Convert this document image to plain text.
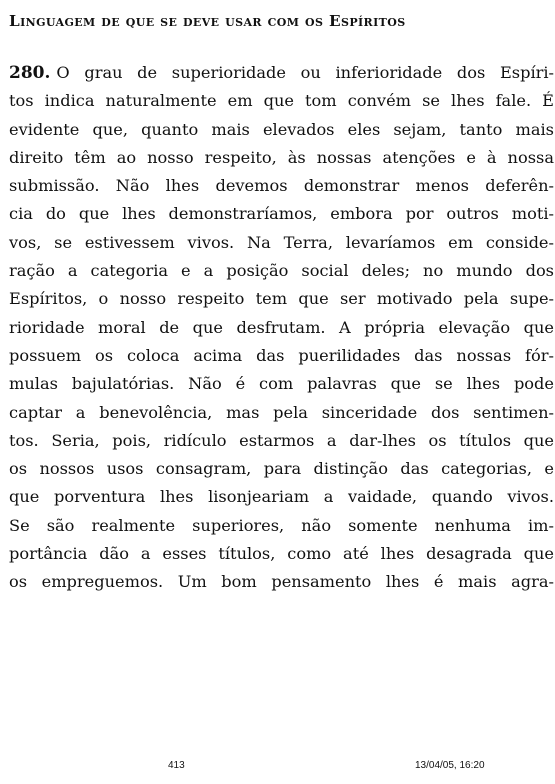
Linguagem de que se deve usar com os Espíritos
280. O grau de superioridade ou inferioridade dos Espíri-
tos indica naturalmente em que tom convém se lhes fale. É
evidente que, quanto mais elevados eles sejam, tanto mais
direito têm ao nosso respeito, às nossas atenções e à nossa
submissão. Não lhes devemos demonstrar menos deferên-
cia do que lhes demonstraríamos, embora por outros moti-
vos, se estivessem vivos. Na Terra, levaríamos em conside-
ração a categoria e a posição social deles; no mundo dos
Espíritos, o nosso respeito tem que ser motivado pela supe-
rioridade moral de que desfrutam. A própria elevação que
possuem os coloca acima das puerilidades das nossas fór-
mulas bajulatórias. Não é com palavras que se lhes pode
captar a benevolência, mas pela sinceridade dos sentimen-
tos. Seria, pois, ridículo estarmos a dar-lhes os títulos que
os nossos usos consagram, para distinção das categorias, e
que porventura lhes lisonjeariam a vaidade, quando vivos.
Se são realmente superiores, não somente nenhuma im-
portância dão a esses títulos, como até lhes desagrada que
os empreguemos. Um bom pensamento lhes é mais agra-
413	13/04/05, 16:20
